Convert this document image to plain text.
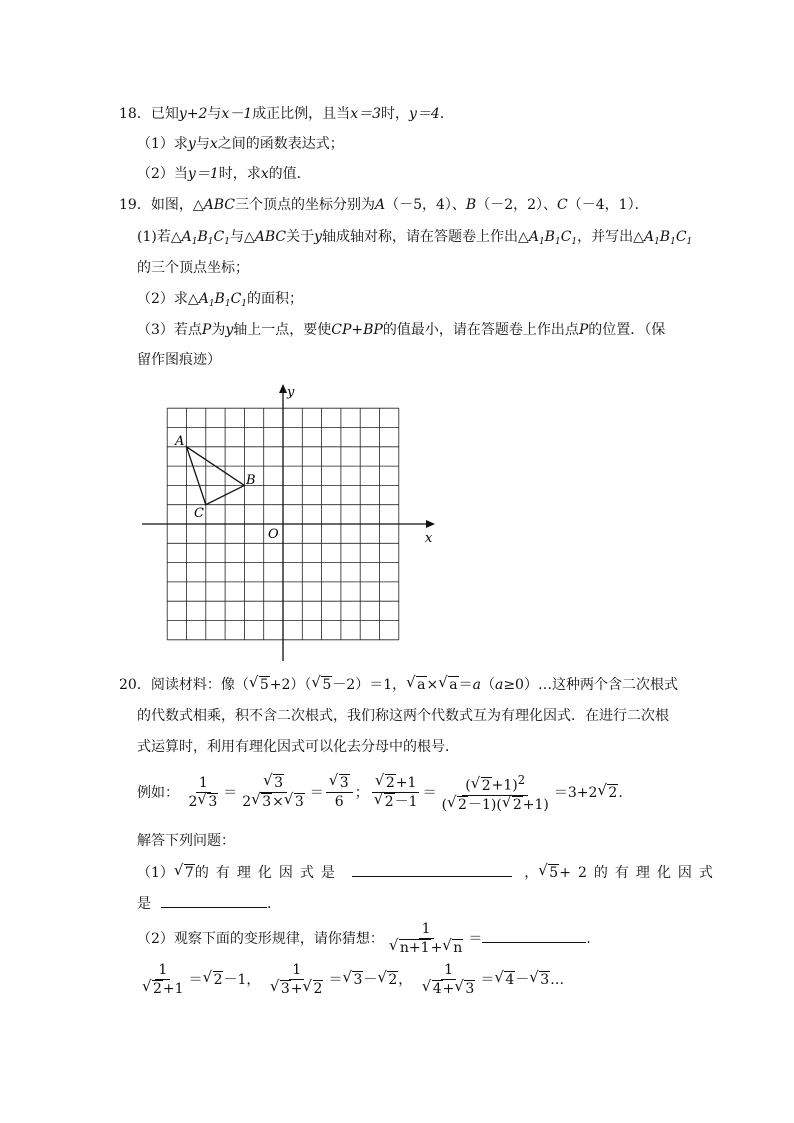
18．已知y+2与x－1成正比例，且当x＝3时，y＝4．
（1）求y与x之间的函数表达式；
（2）当y＝1时，求x的值．
19．如图，△ABC三个顶点的坐标分别为A（－5，4）、B（－2，2）、C（－4，1）．
(1)若$\triangle A_1B_1C_1$与△ABC关于y轴成轴对称，请在答题卷上作出$\triangle A_1B_1C_1$，并写出$\triangle A_1B_1C_1$
的三个顶点坐标；
（2）求$\triangle A_1B_1C_1$的面积；
（3）若点P为y轴上一点，要使CP+BP的值最小，请在答题卷上作出点P的位置．（保
留作图痕迹）
A
B
C
O	x
y
20．阅读材料：像（√ 5+2）（√ 5－2）＝1，√ a×√ a＝a（a≥0）…这种两个含二次根式
的代数式相乘，积不含二次根式，我们称这两个代数式互为有理化因式．在进行二次根
式运算时，利用有理化因式可以化去分母中的根号．
例如： $\frac{1}{2√ 3}$ ＝
√ $\frac{3}{2√ 3\times√ 3}$ ＝
√ $\frac{3}{6}$ ；
√ 2+1
√ $2-1 = \frac{(√ 2+1)^2}{(√ 2-1)(√ 2+1)} =3+2√$ 2.
解答下列问题：
（1）√ 7的有理化因式是	，√ 5+2的有理化因式
是	．
（2）观察下面的变形规律，请你猜想： 1
√ n+1+√ n ＝	．
1
√ 2+1 ＝√ 2－1， 1
√ 3+√ 2 ＝√ 3－√ 2， 1
√ 4+√ 3 ＝√ 4－√ 3…
